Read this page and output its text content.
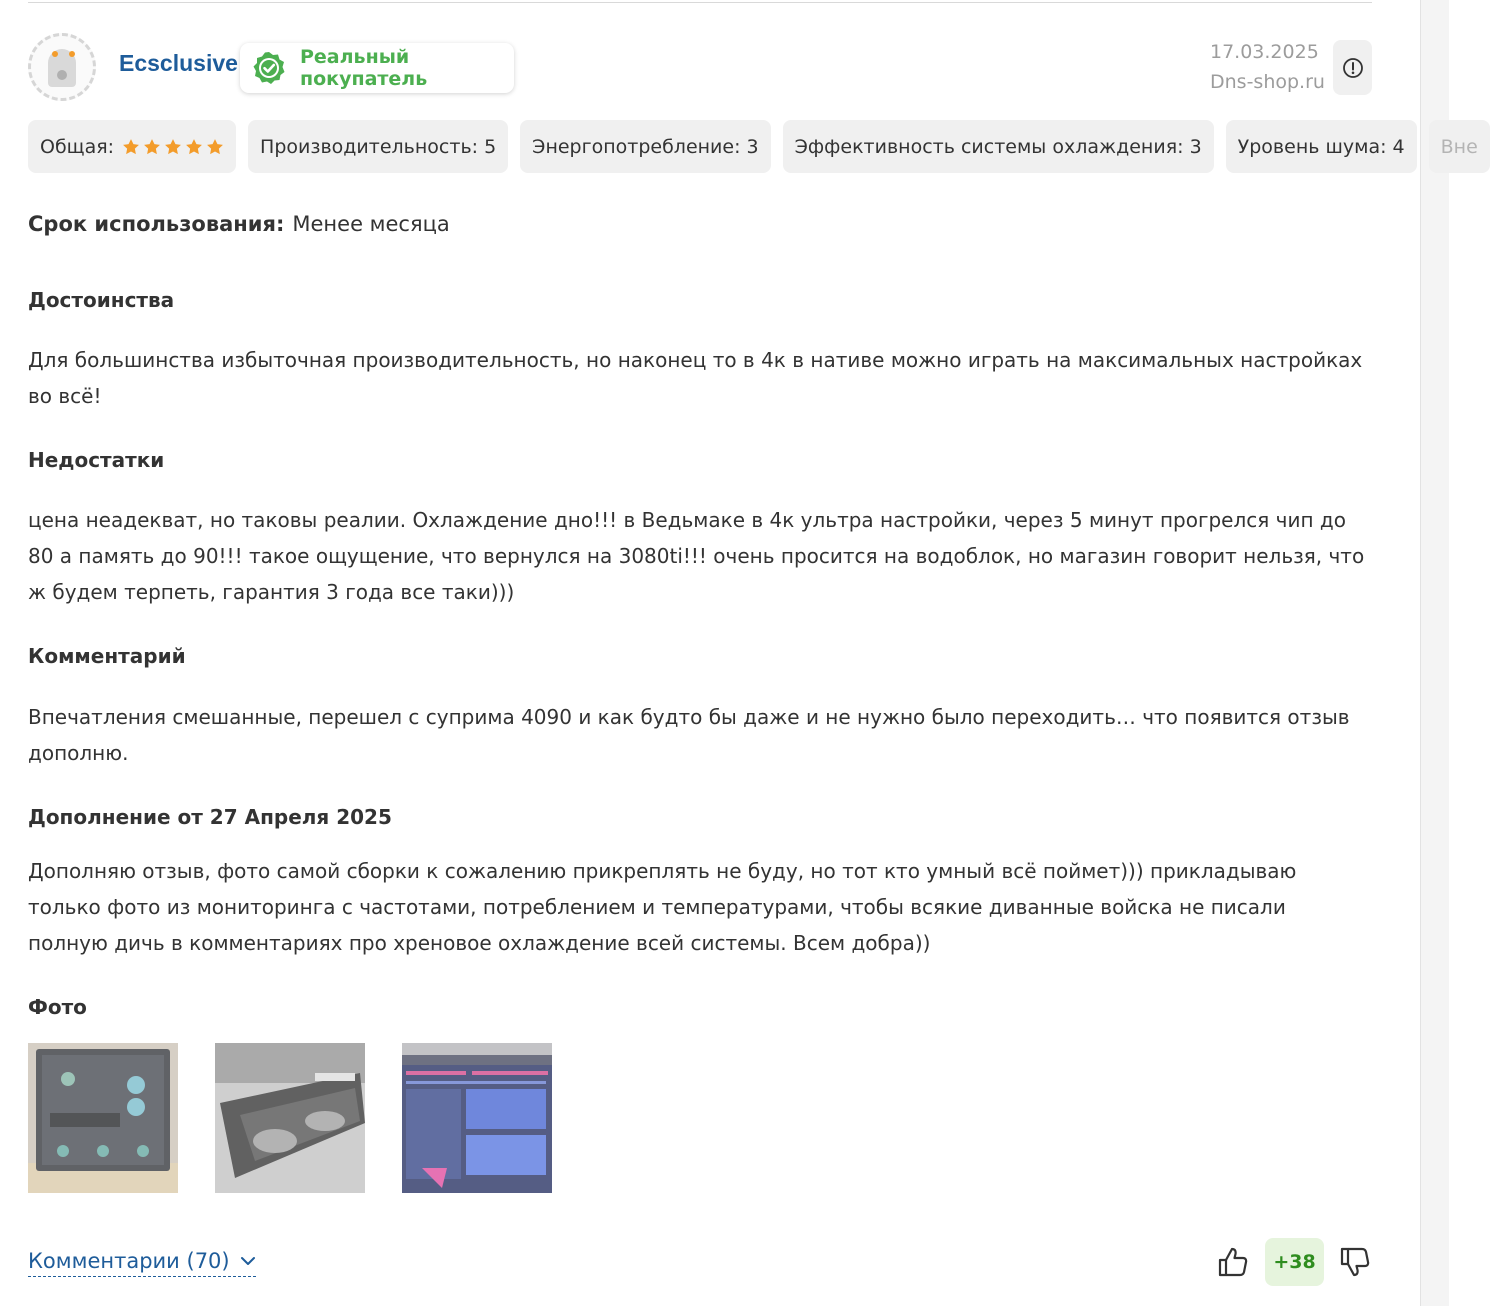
Ecsclusive	Реальный покупатель
17.03.2025
Dns-shop.ru
Общая:	Производительность: 5	Энергопотребление: 3	Эффективность системы охлаждения: 3	Уровень шума: 4	Вне
Срок использования: Менее месяца
Достоинства
Для большинства избыточная производительность, но наконец то в 4к в нативе можно играть на максимальных настройках во всё!
Недостатки
цена неадекват, но таковы реалии. Охлаждение дно!!! в Ведьмаке в 4к ультра настройки, через 5 минут прогрелся чип до 80 а память до 90!!! такое ощущение, что вернулся на 3080ti!!! очень просится на водоблок, но магазин говорит нельзя, что ж будем терпеть, гарантия 3 года все таки)))
Комментарий
Впечатления смешанные, перешел с суприма 4090 и как будто бы даже и не нужно было переходить… что появится отзыв дополню.
Дополнение от 27 Апреля 2025
Дополняю отзыв, фото самой сборки к сожалению прикреплять не буду, но тот кто умный всё поймет))) прикладываю только фото из мониторинга с частотами, потреблением и температурами, чтобы всякие диванные войска не писали полную дичь в комментариях про хреновое охлаждение всей системы. Всем добра))
Фото
Комментарии (70)	+38
